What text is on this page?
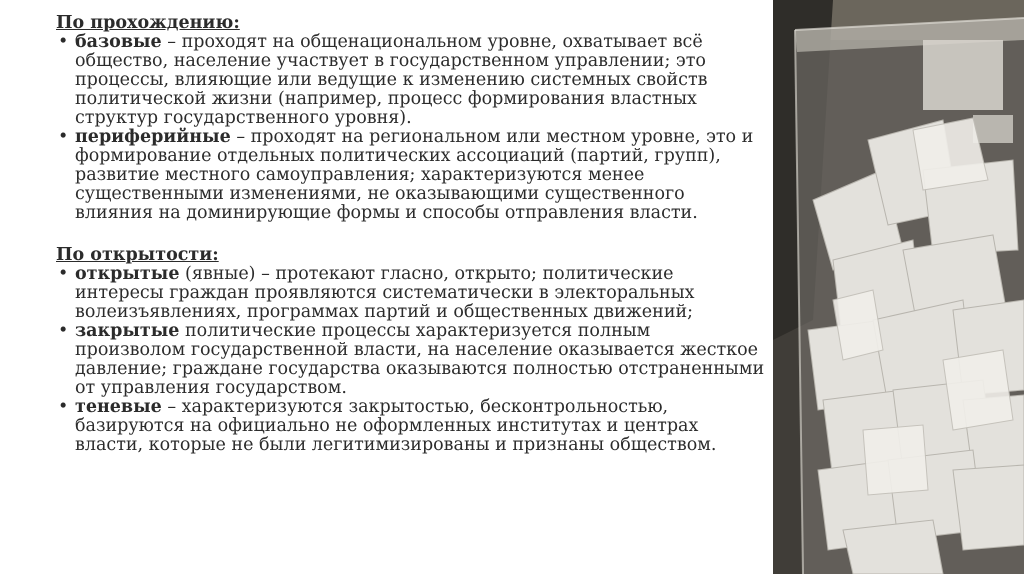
По прохождению:

• базовые – проходят на общенациональном уровне, охватывает всё общество, население участвует в государственном управлении; это процессы, влияющие или ведущие к изменению системных свойств политической жизни (например, процесс формирования властных структур государственного уровня).
• периферийные – проходят на региональном или местном уровне, это и формирование отдельных политических ассоциаций (партий, групп), развитие местного самоуправления; характеризуются менее существенными изменениями, не оказывающими существенного влияния на доминирующие формы и способы отправления власти.

По открытости:

• открытые (явные) – протекают гласно, открыто; политические интересы граждан проявляются систематически в электоральных волеизъявлениях, программах партий и общественных движений;
• закрытые политические процессы характеризуется полным произволом государственной власти, на население оказывается жесткое давление; граждане государства оказываются полностью отстраненными от управления государством.
• теневые – характеризуются закрытостью, бесконтрольностью, базируются на официально не оформленных институтах и центрах власти, которые не были легитимизированы и признаны обществом.
